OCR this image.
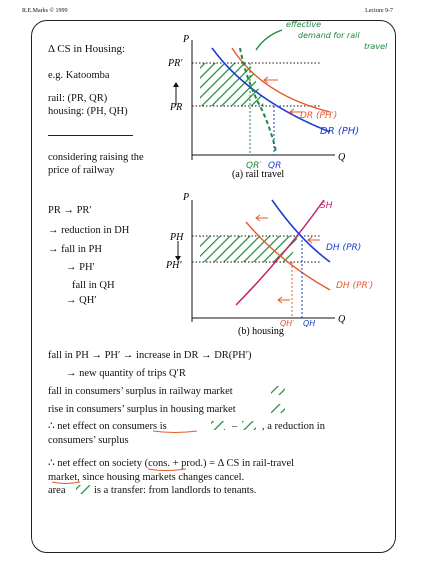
R.E.Marks © 1999	Lecture 9-7
Δ CS in Housing:
e.g. Katoomba
rail: (PR, QR)
housing: (PH, QH)
considering raising the
price of railway
PR → PR′
→ reduction in DH
→ fall in PH
→ PH′
fall in QH
→ QH′
P
Q
PR′
PR
DR (PH′)
DR (PH)
QR′ QR
(a) rail travel
effective
demand for rail
travel
P
Q
PH
PH′
SH
DH (PR)
DH (PR′)
QH′ QH
(b) housing
fall in PH → PH′ → increase in DR → DR(PH′)
→ new quantity of trips Q′R
fall in consumers’ surplus in railway market
rise in consumers’ surplus in housing market
∴ net effect on consumers is	– , a reduction in
consumers’ surplus
∴ net effect on society (cons. + prod.) = Δ CS in rail-travel
market, since housing markets changes cancel.
area	is a transfer: from landlords to tenants.
